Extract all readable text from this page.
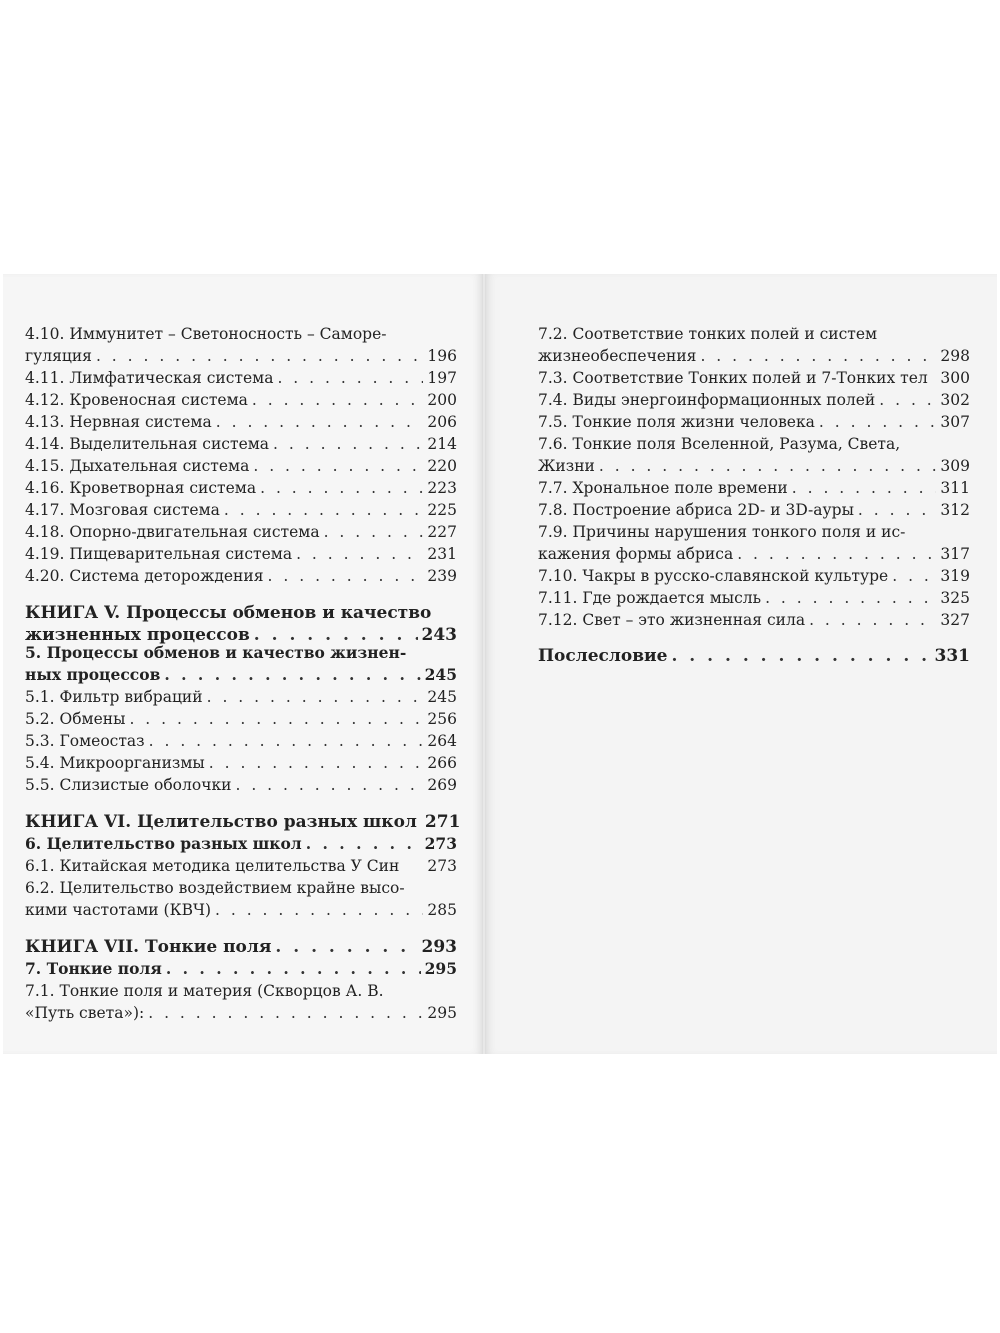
4.10. Иммунитет – Светоносность – Саморе-
гуляция . . .	196
4.11. Лимфатическая система . . .	197
4.12. Кровеносная система . . .	200
4.13. Нервная система . . .	206
4.14. Выделительная система . . .	214
4.15. Дыхательная система . . .	220
4.16. Кроветворная система . . .	223
4.17. Мозговая система . . .	225
4.18. Опорно-двигательная система . . .	227
4.19. Пищеварительная система . . .	231
4.20. Система деторождения . . .	239
КНИГА V. Процессы обменов и качество
жизненных процессов . . .	243
5. Процессы обменов и качество жизнен-
ных процессов . . .	245
5.1. Фильтр вибраций . . .	245
5.2. Обмены . . .	256
5.3. Гомеостаз . . .	264
5.4. Микроорганизмы . . .	266
5.5. Слизистые оболочки . . .	269
КНИГА VI. Целительство разных школ 271
6. Целительство разных школ . . .	273
6.1. Китайская методика целительства У Син 273
6.2. Целительство воздействием крайне высо-
кими частотами (КВЧ) . . .	285
КНИГА VII. Тонкие поля . . .	293
7. Тонкие поля . . .	295
7.1. Тонкие поля и материя (Скворцов А. В.
«Путь света»): . . .	295
7.2. Соответствие тонких полей и систем
жизнеобеспечения . . .	298
7.3. Соответствие Тонких полей и 7-Тонких тел 300
7.4. Виды энергоинформационных полей . . .	302
7.5. Тонкие поля жизни человека . . .	307
7.6. Тонкие поля Вселенной, Разума, Света,
Жизни . . .	309
7.7. Хрональное поле времени . . .	311
7.8. Построение абриса 2D- и 3D-ауры . . .	312
7.9. Причины нарушения тонкого поля и ис-
кажения формы абриса . . .	317
7.10. Чакры в русско-славянской культуре . . .	319
7.11. Где рождается мысль . . .	325
7.12. Свет – это жизненная сила . . .	327
Послесловие . . .	331
